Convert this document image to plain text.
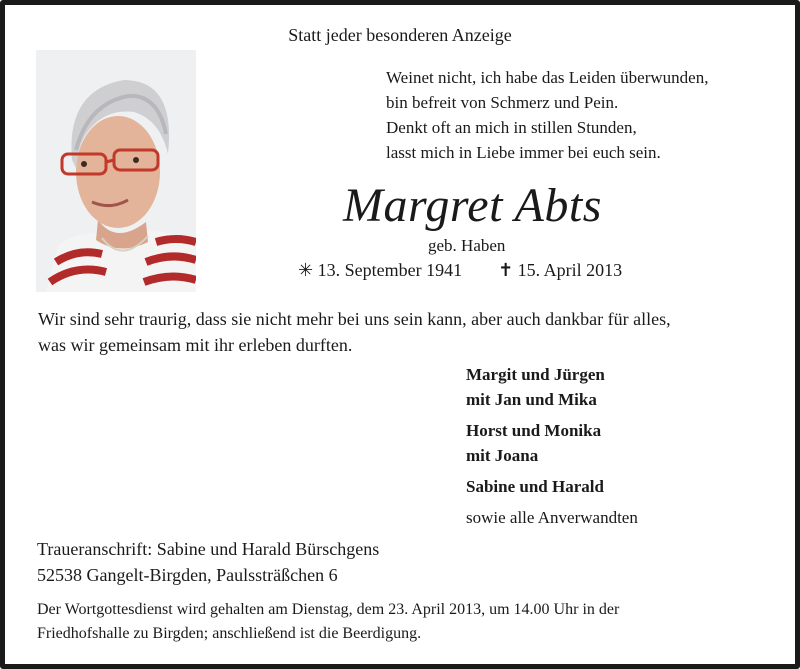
Statt jeder besonderen Anzeige
Weinet nicht, ich habe das Leiden überwunden,
bin befreit von Schmerz und Pein.
Denkt oft an mich in stillen Stunden,
lasst mich in Liebe immer bei euch sein.
Margret Abts
geb. Haben
✳ 13. September 1941 ✝ 15. April 2013
Wir sind sehr traurig, dass sie nicht mehr bei uns sein kann, aber auch dankbar für alles,
was wir gemeinsam mit ihr erleben durften.
Margit und Jürgen
mit Jan und Mika
Horst und Monika
mit Joana
Sabine und Harald
sowie alle Anverwandten
Traueranschrift: Sabine und Harald Bürschgens
52538 Gangelt-Birgden, Paulssträßchen 6
Der Wortgottesdienst wird gehalten am Dienstag, dem 23. April 2013, um 14.00 Uhr in der
Friedhofshalle zu Birgden; anschließend ist die Beerdigung.
